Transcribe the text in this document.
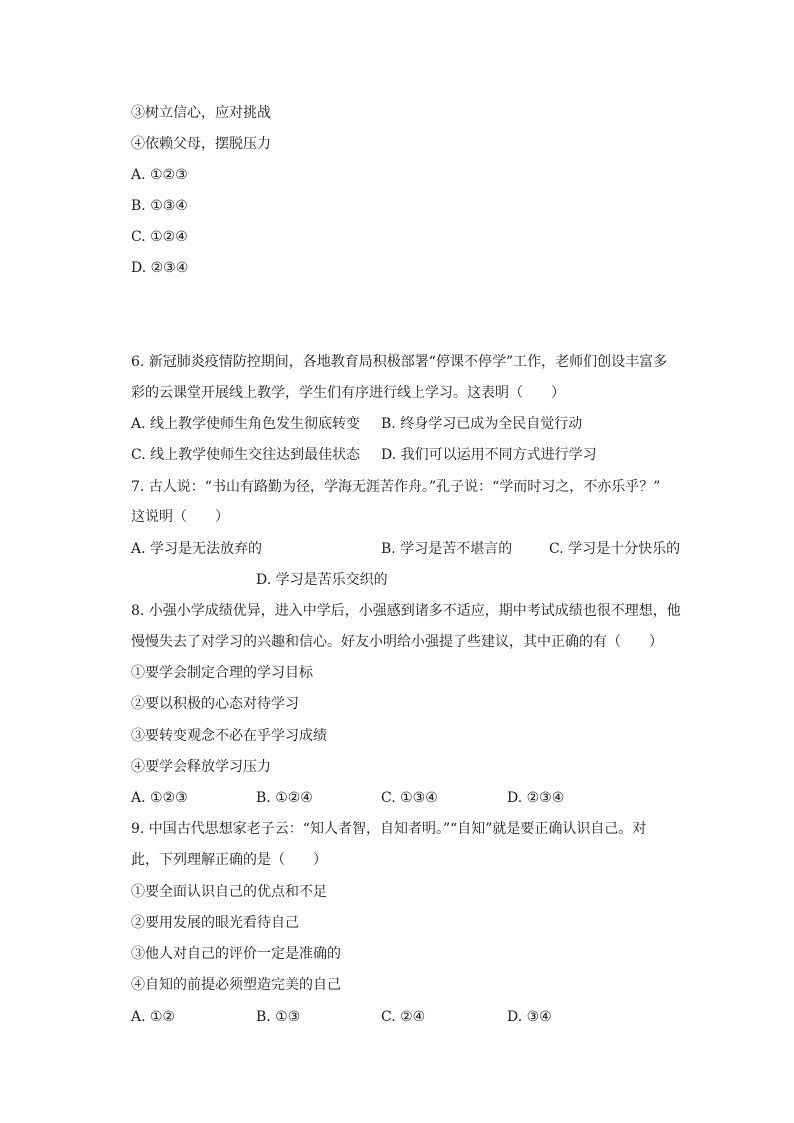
③树立信心，应对挑战
④依赖父母，摆脱压力
A. ①②③
B. ①③④
C. ①②④
D. ②③④
6. 新冠肺炎疫情防控期间，各地教育局积极部署“停课不停学”工作，老师们创设丰富多
彩的云课堂开展线上教学，学生们有序进行线上学习。这表明（　　）
A. 线上教学使师生角色发生彻底转变 B. 终身学习已成为全民自觉行动
C. 线上教学使师生交往达到最佳状态 D. 我们可以运用不同方式进行学习
7. 古人说：“书山有路勤为径，学海无涯苦作舟。”孔子说：“学而时习之，不亦乐乎？”
这说明（　　）
A. 学习是无法放弃的	B. 学习是苦不堪言的	C. 学习是十分快乐的
D. 学习是苦乐交织的
8. 小强小学成绩优异，进入中学后，小强感到诸多不适应，期中考试成绩也很不理想，他
慢慢失去了对学习的兴趣和信心。好友小明给小强提了些建议，其中正确的有（　　）
①要学会制定合理的学习目标
②要以积极的心态对待学习
③要转变观念不必在乎学习成绩
④要学会释放学习压力
A. ①②③	B. ①②④	C. ①③④	D. ②③④
9. 中国古代思想家老子云：“知人者智，自知者明。”“自知”就是要正确认识自己。对
此，下列理解正确的是（　　）
①要全面认识自己的优点和不足
②要用发展的眼光看待自己
③他人对自己的评价一定是准确的
④自知的前提必须塑造完美的自己
A. ①②	B. ①③	C. ②④	D. ③④
